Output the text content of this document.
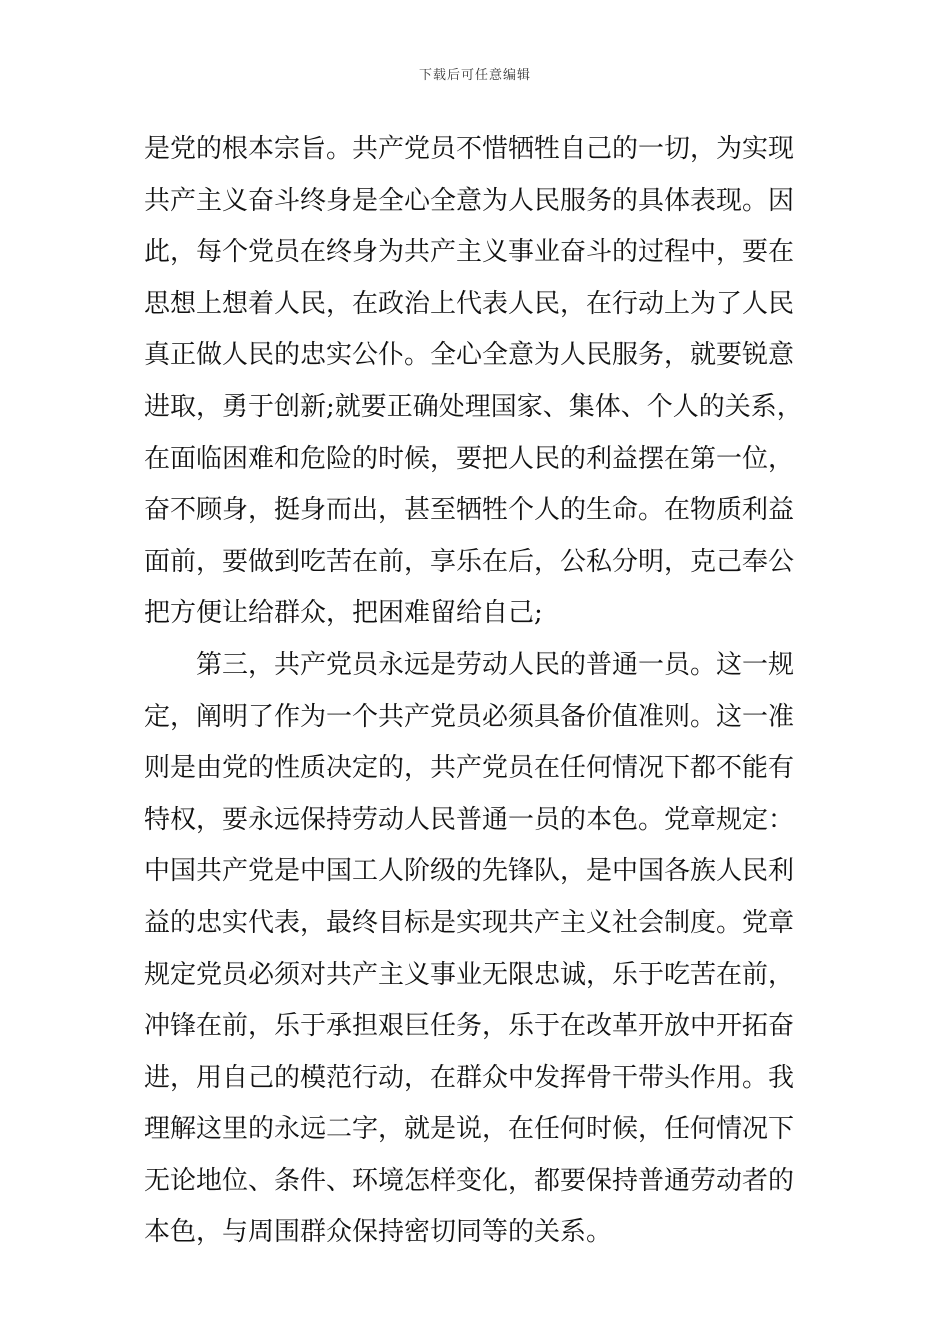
下载后可任意编辑
是党的根本宗旨。共产党员不惜牺牲自己的一切，为实现
共产主义奋斗终身是全心全意为人民服务的具体表现。因
此，每个党员在终身为共产主义事业奋斗的过程中，要在
思想上想着人民，在政治上代表人民，在行动上为了人民
真正做人民的忠实公仆。全心全意为人民服务，就要锐意
进取，勇于创新;就要正确处理国家、集体、个人的关系，
在面临困难和危险的时候，要把人民的利益摆在第一位，
奋不顾身，挺身而出，甚至牺牲个人的生命。在物质利益
面前，要做到吃苦在前，享乐在后，公私分明，克己奉公
把方便让给群众，把困难留给自己;
第三，共产党员永远是劳动人民的普通一员。这一规
定，阐明了作为一个共产党员必须具备价值准则。这一准
则是由党的性质决定的，共产党员在任何情况下都不能有
特权，要永远保持劳动人民普通一员的本色。党章规定：
中国共产党是中国工人阶级的先锋队，是中国各族人民利
益的忠实代表，最终目标是实现共产主义社会制度。党章
规定党员必须对共产主义事业无限忠诚，乐于吃苦在前，
冲锋在前，乐于承担艰巨任务，乐于在改革开放中开拓奋
进，用自己的模范行动，在群众中发挥骨干带头作用。我
理解这里的永远二字，就是说，在任何时候，任何情况下
无论地位、条件、环境怎样变化，都要保持普通劳动者的
本色，与周围群众保持密切同等的关系。
